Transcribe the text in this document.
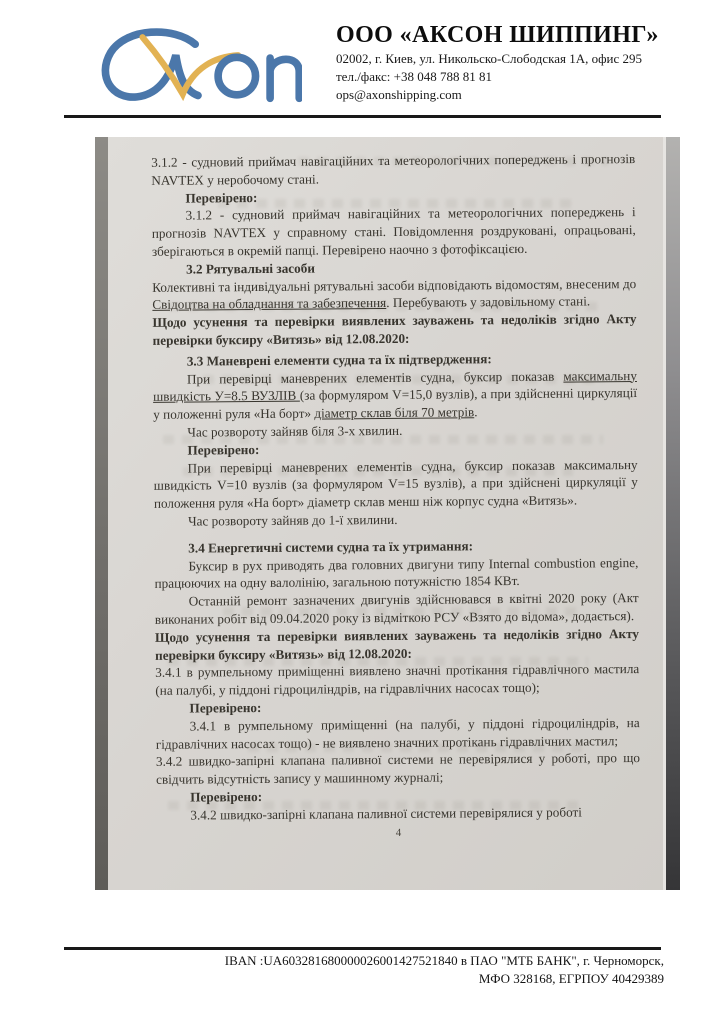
ООО «АКСОН ШИППИНГ»
02002, г. Киев, ул. Никольско-Слободская 1А, офис 295
тел./факс: +38 048 788 81 81
ops@axonshipping.com

3.1.2 - судновий приймач навігаційних та метеорологічних попереджень і прогнозів NAVTEX у неробочому стані.

Перевірено:

3.1.2 - судновий приймач навігаційних та метеорологічних попереджень і прогнозів NAVTEX у справному стані. Повідомлення роздруковані, опрацьовані, зберігаються в окремій папці. Перевірено наочно з фотофіксацією.

3.2 Рятувальні засоби

Колективні та індивідуальні рятувальні засоби відповідають відомостям, внесеним до Свідоцтва на обладнання та забезпечення. Перебувають у задовільному стані.

Щодо усунення та перевірки виявлених зауважень та недоліків згідно Акту перевірки буксиру «Витязь» від 12.08.2020:

3.3 Маневрені елементи судна та їх підтвердження:

При перевірці маневрених елементів судна, буксир показав максимальну швидкість У=8.5 ВУЗЛІВ (за формуляром V=15,0 вузлів), а при здійсненні циркуляції у положенні руля «На борт» діаметр склав біля 70 метрів.

Час розвороту зайняв біля 3-х хвилин.

Перевірено:

При перевірці маневрених елементів судна, буксир показав максимальну швидкість V=10 вузлів (за формуляром V=15 вузлів), а при здійснені циркуляції у положення руля «На борт» діаметр склав менш ніж корпус судна «Витязь».

Час розвороту зайняв до 1-ї хвилини.

3.4 Енергетичні системи судна та їх утримання:

Буксир в рух приводять два головних двигуни типу Internal combustion engine, працюючих на одну валолінію, загальною потужністю 1854 КВт.

Останній ремонт зазначених двигунів здійснювався в квітні 2020 року (Акт виконаних робіт від 09.04.2020 року із відміткою РСУ «Взято до відома», додається).

Щодо усунення та перевірки виявлених зауважень та недоліків згідно Акту перевірки буксиру «Витязь» від 12.08.2020:

3.4.1 в румпельному приміщенні виявлено значні протікання гідравлічного мастила (на палубі, у піддоні гідроциліндрів, на гідравлічних насосах тощо);

Перевірено:

3.4.1 в румпельному приміщенні (на палубі, у піддоні гідроциліндрів, на гідравлічних насосах тощо) - не виявлено значних протікань гідравлічних мастил;

3.4.2 швидко-запірні клапана паливної системи не перевірялися у роботі, про що свідчить відсутність запису у машинному журналі;

Перевірено:

3.4.2 швидко-запірні клапана паливної системи перевірялися у роботі

4
IBAN :UA603281680000026001427521840 в ПАО "МТБ БАНК", г. Черноморск,
МФО 328168, ЕГРПОУ 40429389
